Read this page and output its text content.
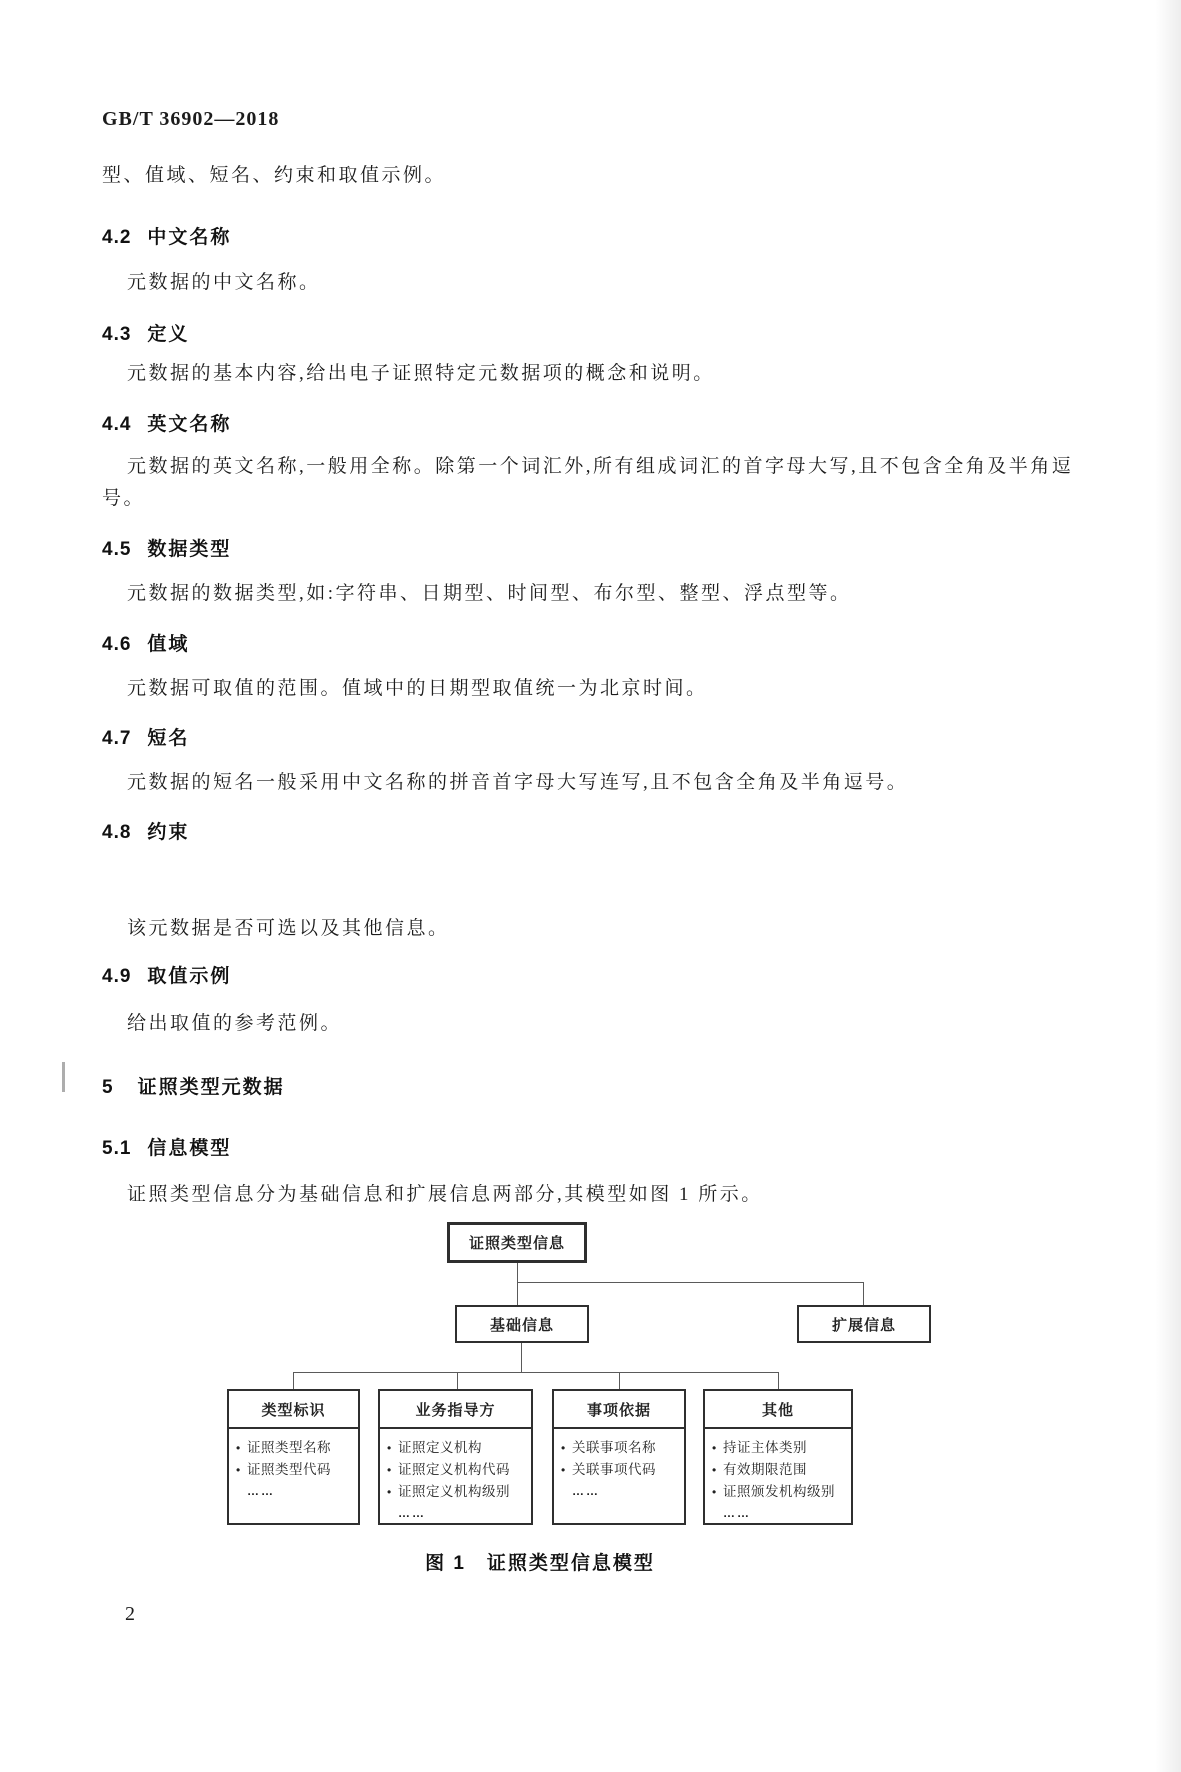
GB/T 36902—2018

型、值域、短名、约束和取值示例。

4.2 中文名称

元数据的中文名称。

4.3 定义

元数据的基本内容,给出电子证照特定元数据项的概念和说明。

4.4 英文名称

元数据的英文名称,一般用全称。除第一个词汇外,所有组成词汇的首字母大写,且不包含全角及半角逗号。

4.5 数据类型

元数据的数据类型,如:字符串、日期型、时间型、布尔型、整型、浮点型等。

4.6 值域

元数据可取值的范围。值域中的日期型取值统一为北京时间。

4.7 短名

元数据的短名一般采用中文名称的拼音首字母大写连写,且不包含全角及半角逗号。

4.8 约束

该元数据是否可选以及其他信息。

4.9 取值示例

给出取值的参考范例。

5 证照类型元数据
5.1 信息模型

证照类型信息分为基础信息和扩展信息两部分,其模型如图 1 所示。

证照类型信息
基础信息	扩展信息
类型标识
• 证照类型名称
• 证照类型代码
……
业务指导方
• 证照定义机构
• 证照定义机构代码
• 证照定义机构级别
……
事项依据
• 关联事项名称
• 关联事项代码
……
其他
• 持证主体类别
• 有效期限范围
• 证照颁发机构级别
……
图 1　证照类型信息模型
2
